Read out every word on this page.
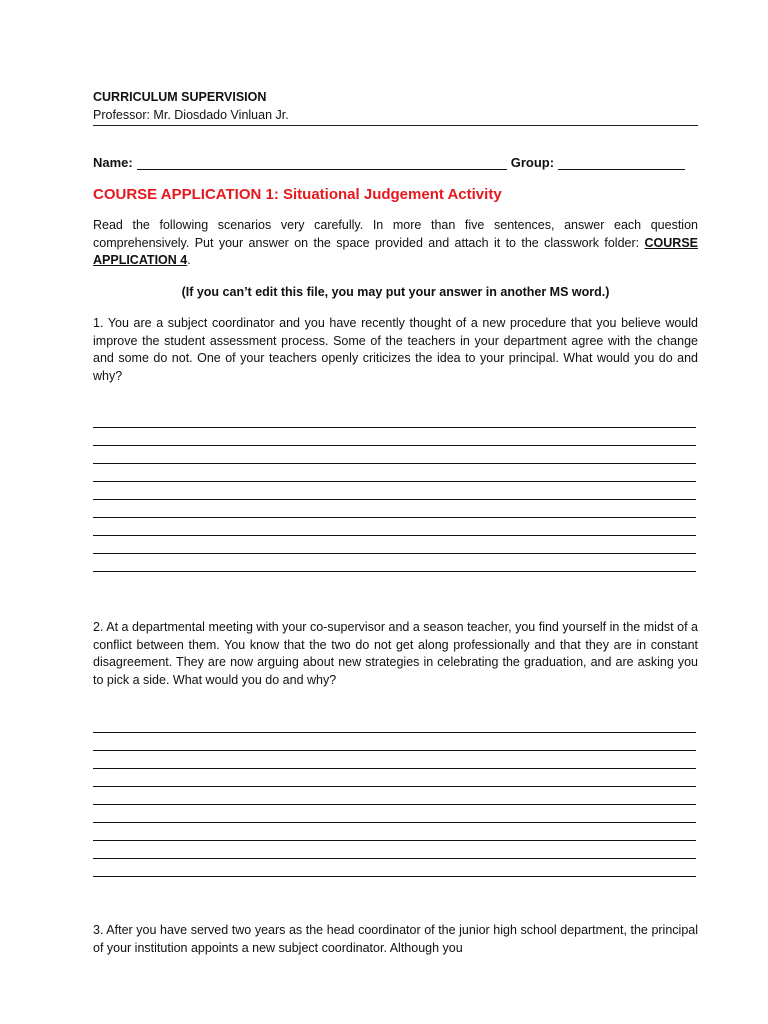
CURRICULUM SUPERVISION
Professor: Mr. Diosdado Vinluan Jr.
Name:	Group:
COURSE APPLICATION 1: Situational Judgement Activity
Read the following scenarios very carefully. In more than five sentences, answer each question comprehensively. Put your answer on the space provided and attach it to the classwork folder: COURSE APPLICATION 4.
(If you can’t edit this file, you may put your answer in another MS word.)
1. You are a subject coordinator and you have recently thought of a new procedure that you believe would improve the student assessment process. Some of the teachers in your department agree with the change and some do not. One of your teachers openly criticizes the idea to your principal. What would you do and why?
2. At a departmental meeting with your co-supervisor and a season teacher, you find yourself in the midst of a conflict between them. You know that the two do not get along professionally and that they are in constant disagreement. They are now arguing about new strategies in celebrating the graduation, and are asking you to pick a side. What would you do and why?
3. After you have served two years as the head coordinator of the junior high school department, the principal of your institution appoints a new subject coordinator. Although you
